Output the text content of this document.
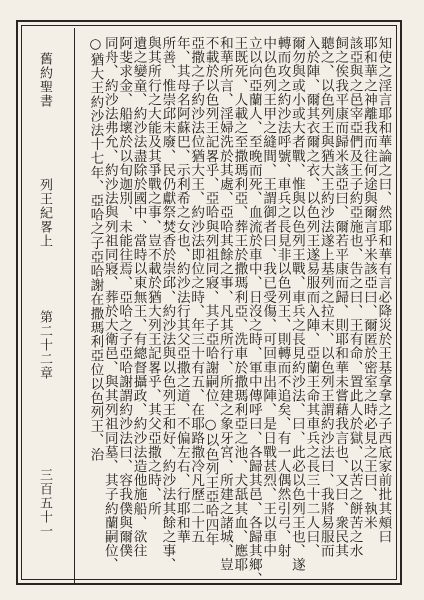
舊約聖書
列王紀畧上
第二十二章
三百五十一	知使之淫言耶和華論之曰、然耶和華有言必降災於王基拿拿之子西底家前批其頰曰
耶和華之神離我而往何途與爾言乎米該亞曰、爾匿於密室之時必見之王曰、執米
該亞與之邑宰亞們及王子約亞施也、告之曰、王有命、置此人於獄、以苦之餅苦之水
飼之俟我平康而歸米該亞曰、爾若平康而歸、則耶和華未嘗藉我言也、又曰、衆民其
聽之、以色列王與猶大王約沙法遂上基列之拉末、以色列王謂約沙法曰、我將易服而
入於陣、爾其衣爾之衣、以色列王遂易服而入陣、亞蘭王命其車兵之長三十二人曰、
爾勿與或小或大者戰、惟與以色列王戰、車兵之長見約沙法、曰、此必以色列王也、遂
轉而攻之約沙法呼號、車兵之長見非以色列王、則轉而不追矣、有一人偶然引弓、射
中以色列王甲之縫間、王謂御者曰、我已受傷、可回車出陣、是日戰甚烈、王以車中
立以向亞蘭人、至晚而死、血流於車中、日沒之時、軍中傳呼曰、各歸其邑、各歸其鄉、
王既死、人載之至撒瑪利亞、葬王於撒瑪利亞、洗車於撒瑪利亞之池、犬舐其血、應耶
和華所言、淫婦洗於其處、亞哈其餘之事、凡其所行、所建之象牙宮、所建之諸城、豈
不載於以色列王記畧乎、亞哈與列祖同寢、其子亞哈謝嗣位、○以色列王亞哈四年
亞撒之子約沙法位猶大王、約沙法即位之時、年三十有五、在耶路撒冷凡歷二十五
年、其母名阿蘇巴、示利希之女也、約沙法行其父亞撒之道、不偏左右、行耶和華
所善、惟崇邱未廢、民仍獻祭焚香於崇邱、約沙法與以色列王和好、約沙法其餘之事、
與其所行之大能及其爭戰之事、豈不載於猶大列王記畧乎、其父亞撒之時、所
遺之孌童、約沙法盡除於國中、當時以東無王、有總督攝政、約沙法造他施船、欲往
阿斐求金、船壞於以旬迦別、未能往焉、亞哈之子亞哈謝謂約沙法曰、容我僕與爾僕
同舟、約沙法弗允、約沙法與列祖同寢、葬於大衛邑、與其列祖同墓、其子約蘭嗣位、
○猶大王約沙法十七年、亞哈之子亞哈謝在撒瑪利亞位以色列王、治
